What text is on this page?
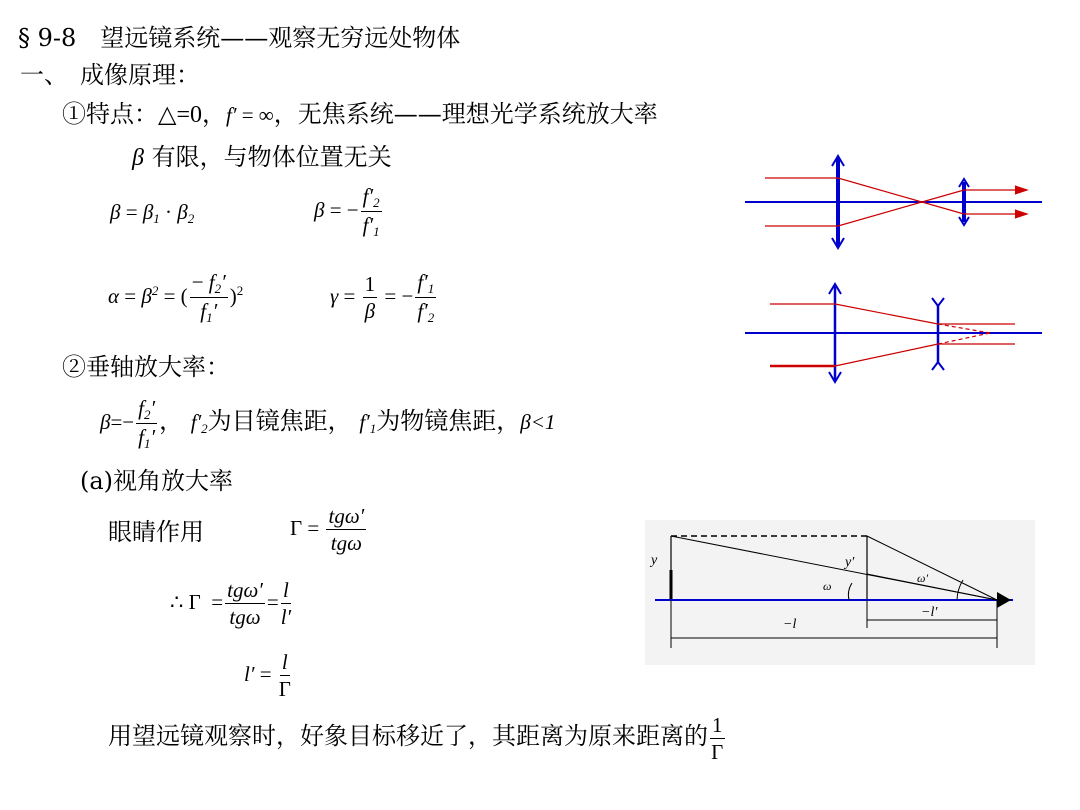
§ 9-8　望远镜系统——观察无穷远处物体
一、　成像原理：
①特点：△=0，f′ = ∞，无焦系统——理想光学系统放大率
β 有限，与物体位置无关
$\beta = \beta_1 \cdot \beta_2$	β = − $\frac{f'_2}{f'_1}$
$\alpha = \beta^2$ = ( $\frac{- f_2'}{f_1'} )^2$	$\gamma = \frac{1}{\beta}$ = − $\frac{f'_1}{f'_2}$
②垂轴放大率：
$\beta=- \frac{f_2'}{f_1'}$ ， $f'_2$为目镜焦距， $f'_1$为物镜焦距，β<1
(a)视角放大率
眼睛作用	$\Gamma = \frac{\text{tgω′}}{\text{tgω}}$
∴ $\Gamma = \frac{\text{tgω′}}{\text{tgω}} = \frac{l}{l'}$
$l' = \frac{l}{\Gamma}$
用望远镜观察时，好象目标移近了，其距离为原来距离的 $\frac{1}{\Gamma}$
y	y′
ω
ω′
−l
−l′
